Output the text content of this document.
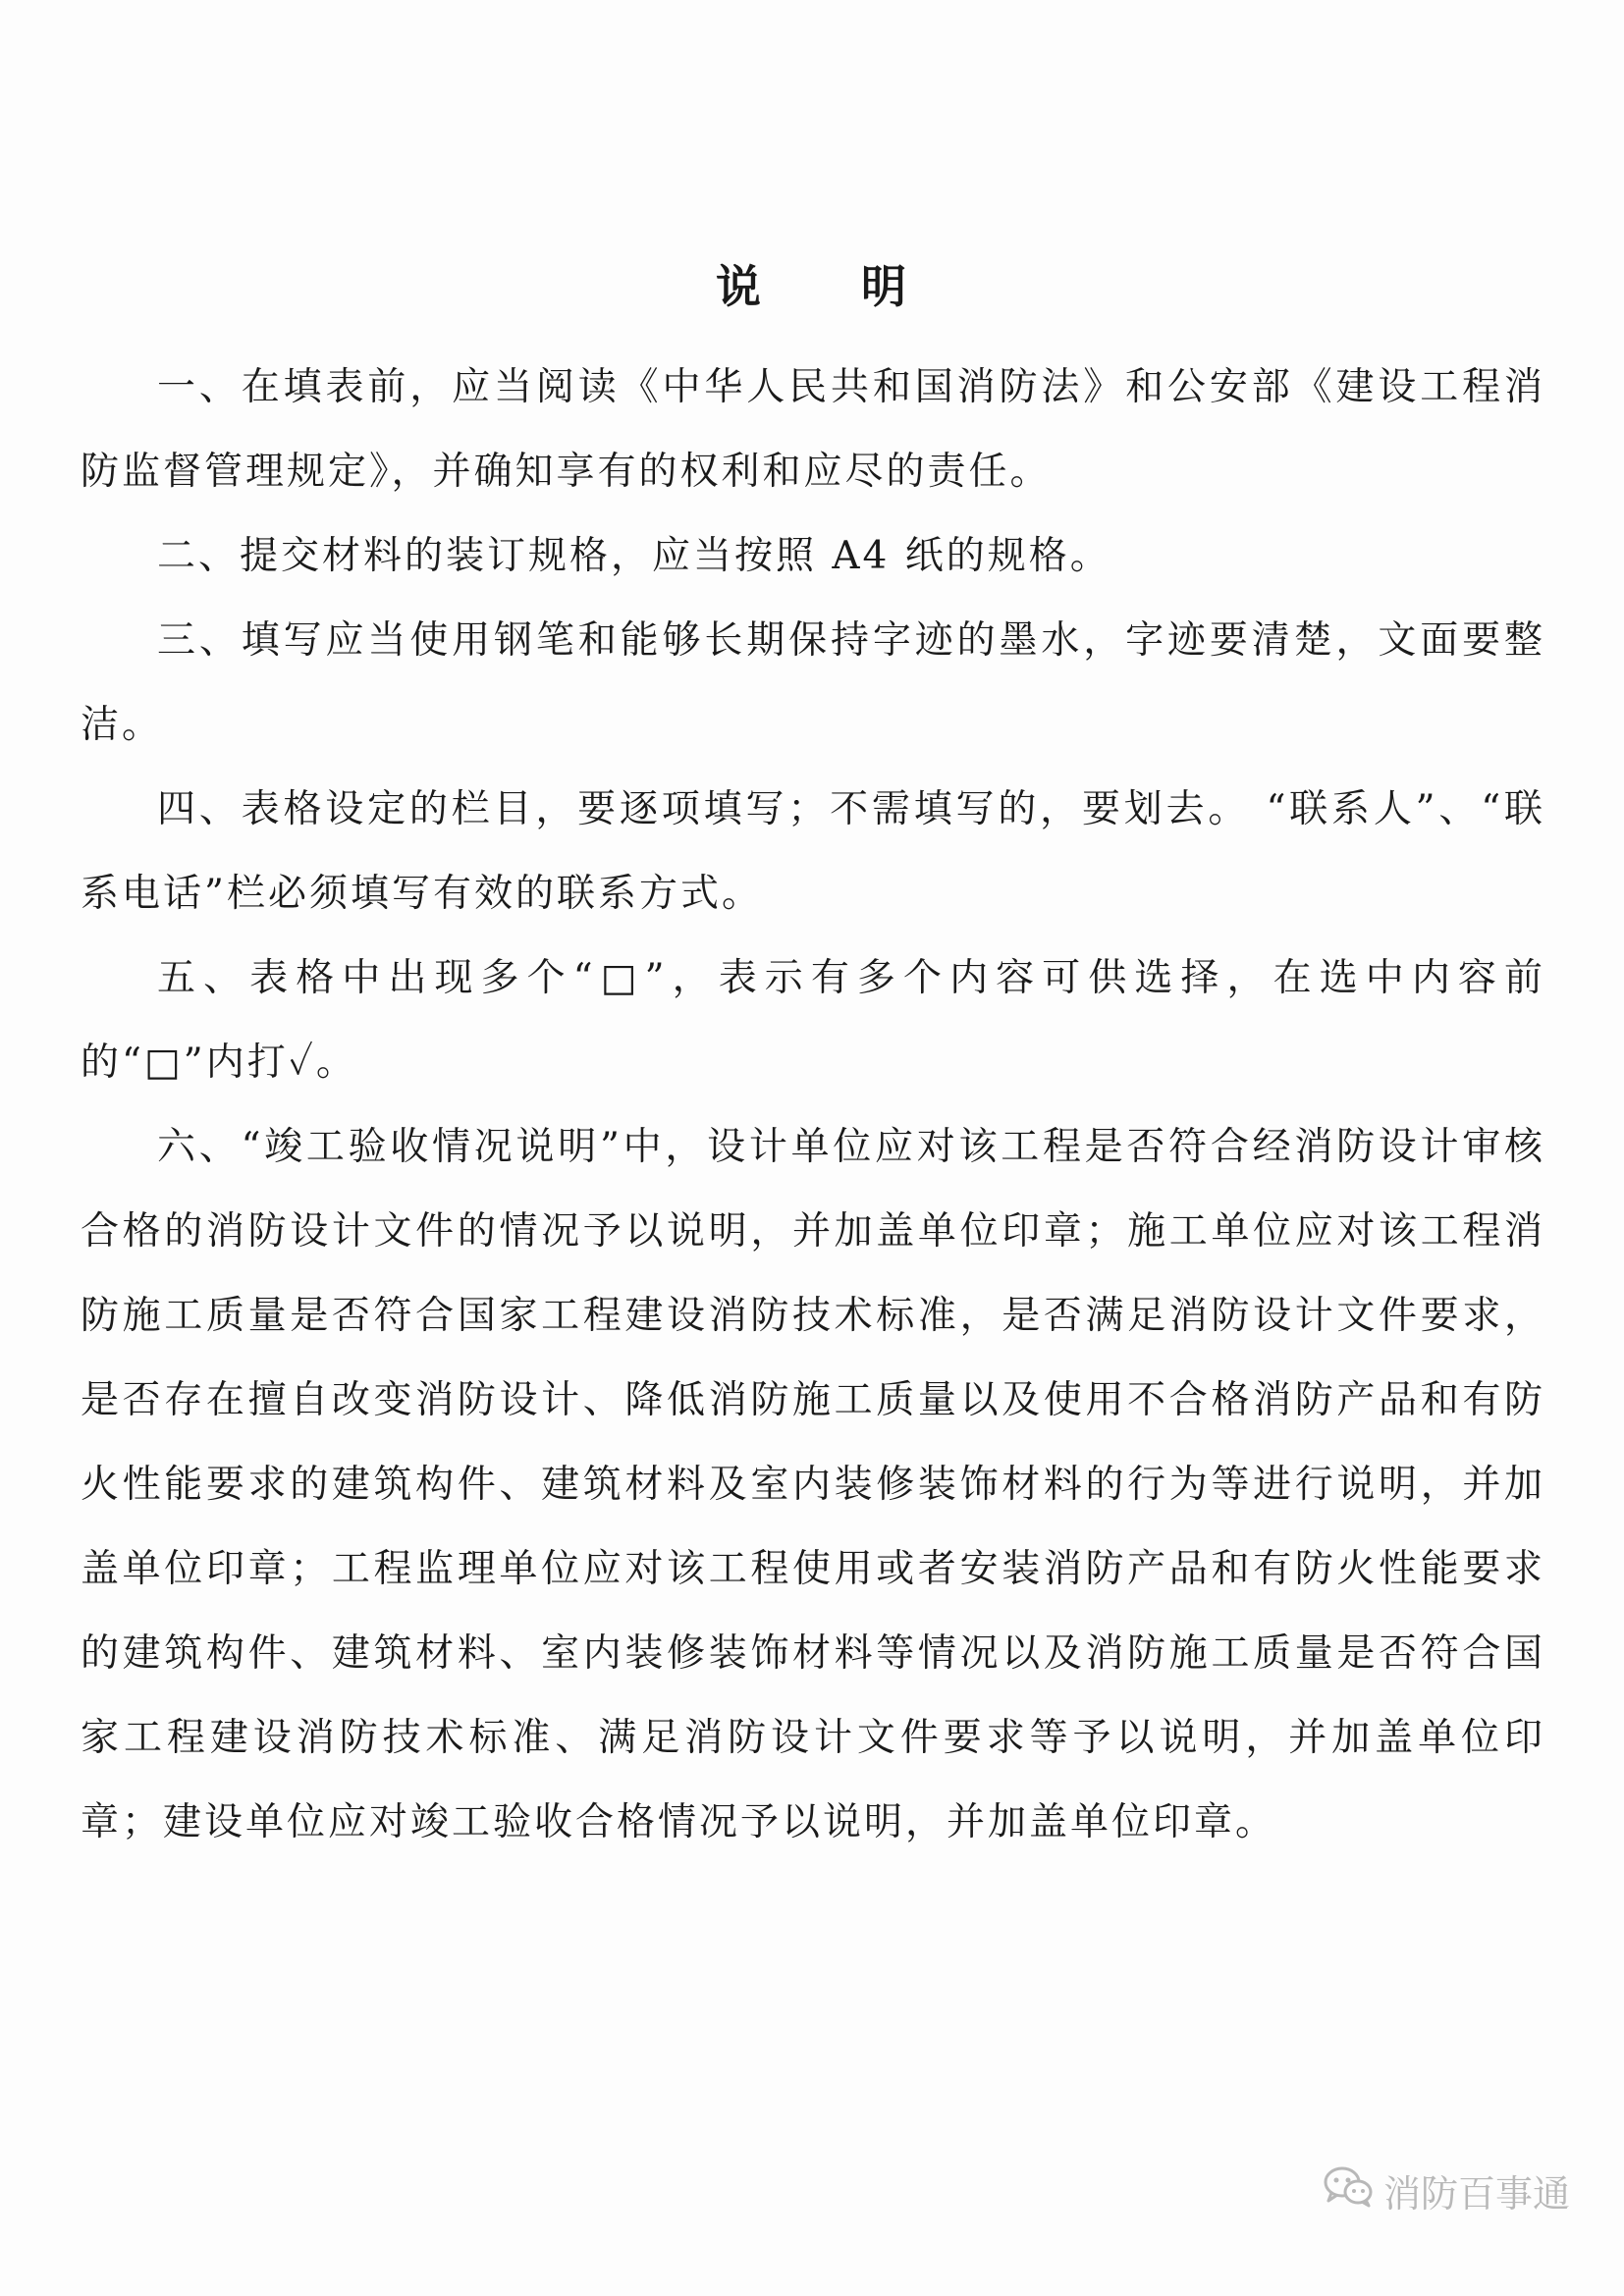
说 明

一、在填表前，应当阅读《中华人民共和国消防法》和公安部《建设工程消防监督管理规定》，并确知享有的权利和应尽的责任。

二、提交材料的装订规格，应当按照 A4 纸的规格。

三、填写应当使用钢笔和能够长期保持字迹的墨水，字迹要清楚，文面要整洁。

四、表格设定的栏目，要逐项填写；不需填写的，要划去。 “联系人”、“联系电话”栏必须填写有效的联系方式。

五、表格中出现多个“□”，表示有多个内容可供选择，在选中内容前的“□”内打✓。

六、“竣工验收情况说明”中，设计单位应对该工程是否符合经消防设计审核合格的消防设计文件的情况予以说明，并加盖单位印章；施工单位应对该工程消防施工质量是否符合国家工程建设消防技术标准，是否满足消防设计文件要求，是否存在擅自改变消防设计、降低消防施工质量以及使用不合格消防产品和有防火性能要求的建筑构件、建筑材料及室内装修装饰材料的行为等进行说明，并加盖单位印章；工程监理单位应对该工程使用或者安装消防产品和有防火性能要求的建筑构件、建筑材料、室内装修装饰材料等情况以及消防施工质量是否符合国家工程建设消防技术标准、满足消防设计文件要求等予以说明，并加盖单位印章；建设单位应对竣工验收合格情况予以说明，并加盖单位印章。

消防百事通
